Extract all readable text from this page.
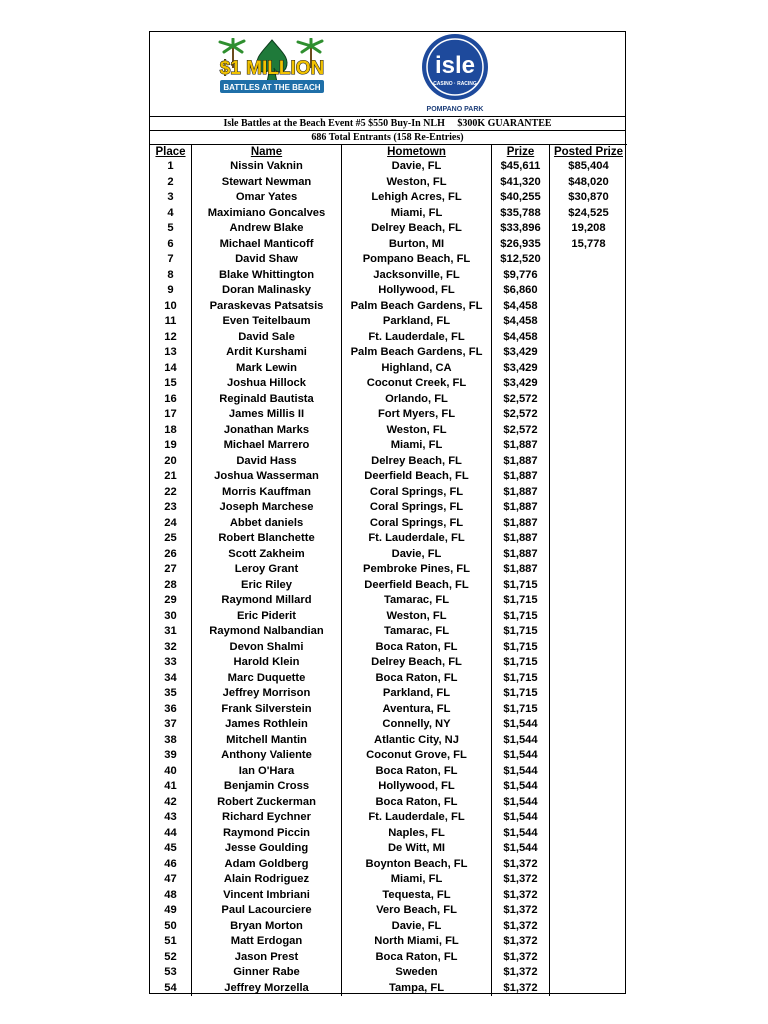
$1 MILLION
BATTLES AT THE BEACH
isle
CASINO · RACING
POMPANO PARK
Isle Battles at the Beach Event #5 $550 Buy-In NLH $300K GUARANTEE
686 Total Entrants (158 Re-Entries)
Place	Name	Hometown	Prize	Posted Prize
1	Nissin Vaknin	Davie, FL	$45,611	$85,404
2	Stewart Newman	Weston, FL	$41,320	$48,020
3	Omar Yates	Lehigh Acres, FL	$40,255	$30,870
4	Maximiano Goncalves	Miami, FL	$35,788	$24,525
5	Andrew Blake	Delrey Beach, FL	$33,896	19,208
6	Michael Manticoff	Burton, MI	$26,935	15,778
7	David Shaw	Pompano Beach, FL	$12,520	
8	Blake Whittington	Jacksonville, FL	$9,776	
9	Doran Malinasky	Hollywood, FL	$6,860	
10	Paraskevas Patsatsis	Palm Beach Gardens, FL	$4,458	
11	Even Teitelbaum	Parkland, FL	$4,458	
12	David Sale	Ft. Lauderdale, FL	$4,458	
13	Ardit Kurshami	Palm Beach Gardens, FL	$3,429	
14	Mark Lewin	Highland, CA	$3,429	
15	Joshua Hillock	Coconut Creek, FL	$3,429	
16	Reginald Bautista	Orlando, FL	$2,572	
17	James Millis II	Fort Myers, FL	$2,572	
18	Jonathan Marks	Weston, FL	$2,572	
19	Michael Marrero	Miami, FL	$1,887	
20	David Hass	Delrey Beach, FL	$1,887	
21	Joshua Wasserman	Deerfield Beach, FL	$1,887	
22	Morris Kauffman	Coral Springs, FL	$1,887	
23	Joseph Marchese	Coral Springs, FL	$1,887	
24	Abbet daniels	Coral Springs, FL	$1,887	
25	Robert Blanchette	Ft. Lauderdale, FL	$1,887	
26	Scott Zakheim	Davie, FL	$1,887	
27	Leroy Grant	Pembroke Pines, FL	$1,887	
28	Eric Riley	Deerfield Beach, FL	$1,715	
29	Raymond Millard	Tamarac, FL	$1,715	
30	Eric Piderit	Weston, FL	$1,715	
31	Raymond Nalbandian	Tamarac, FL	$1,715	
32	Devon Shalmi	Boca Raton, FL	$1,715	
33	Harold Klein	Delrey Beach, FL	$1,715	
34	Marc Duquette	Boca Raton, FL	$1,715	
35	Jeffrey Morrison	Parkland, FL	$1,715	
36	Frank Silverstein	Aventura, FL	$1,715	
37	James Rothlein	Connelly, NY	$1,544	
38	Mitchell Mantin	Atlantic City, NJ	$1,544	
39	Anthony Valiente	Coconut Grove, FL	$1,544	
40	Ian O'Hara	Boca Raton, FL	$1,544	
41	Benjamin Cross	Hollywood, FL	$1,544	
42	Robert Zuckerman	Boca Raton, FL	$1,544	
43	Richard Eychner	Ft. Lauderdale, FL	$1,544	
44	Raymond Piccin	Naples, FL	$1,544	
45	Jesse Goulding	De Witt, MI	$1,544	
46	Adam Goldberg	Boynton Beach, FL	$1,372	
47	Alain Rodriguez	Miami, FL	$1,372	
48	Vincent Imbriani	Tequesta, FL	$1,372	
49	Paul Lacourciere	Vero Beach, FL	$1,372	
50	Bryan Morton	Davie, FL	$1,372	
51	Matt Erdogan	North Miami, FL	$1,372	
52	Jason Prest	Boca Raton, FL	$1,372	
53	Ginner Rabe	Sweden	$1,372	
54	Jeffrey Morzella	Tampa, FL	$1,372	
